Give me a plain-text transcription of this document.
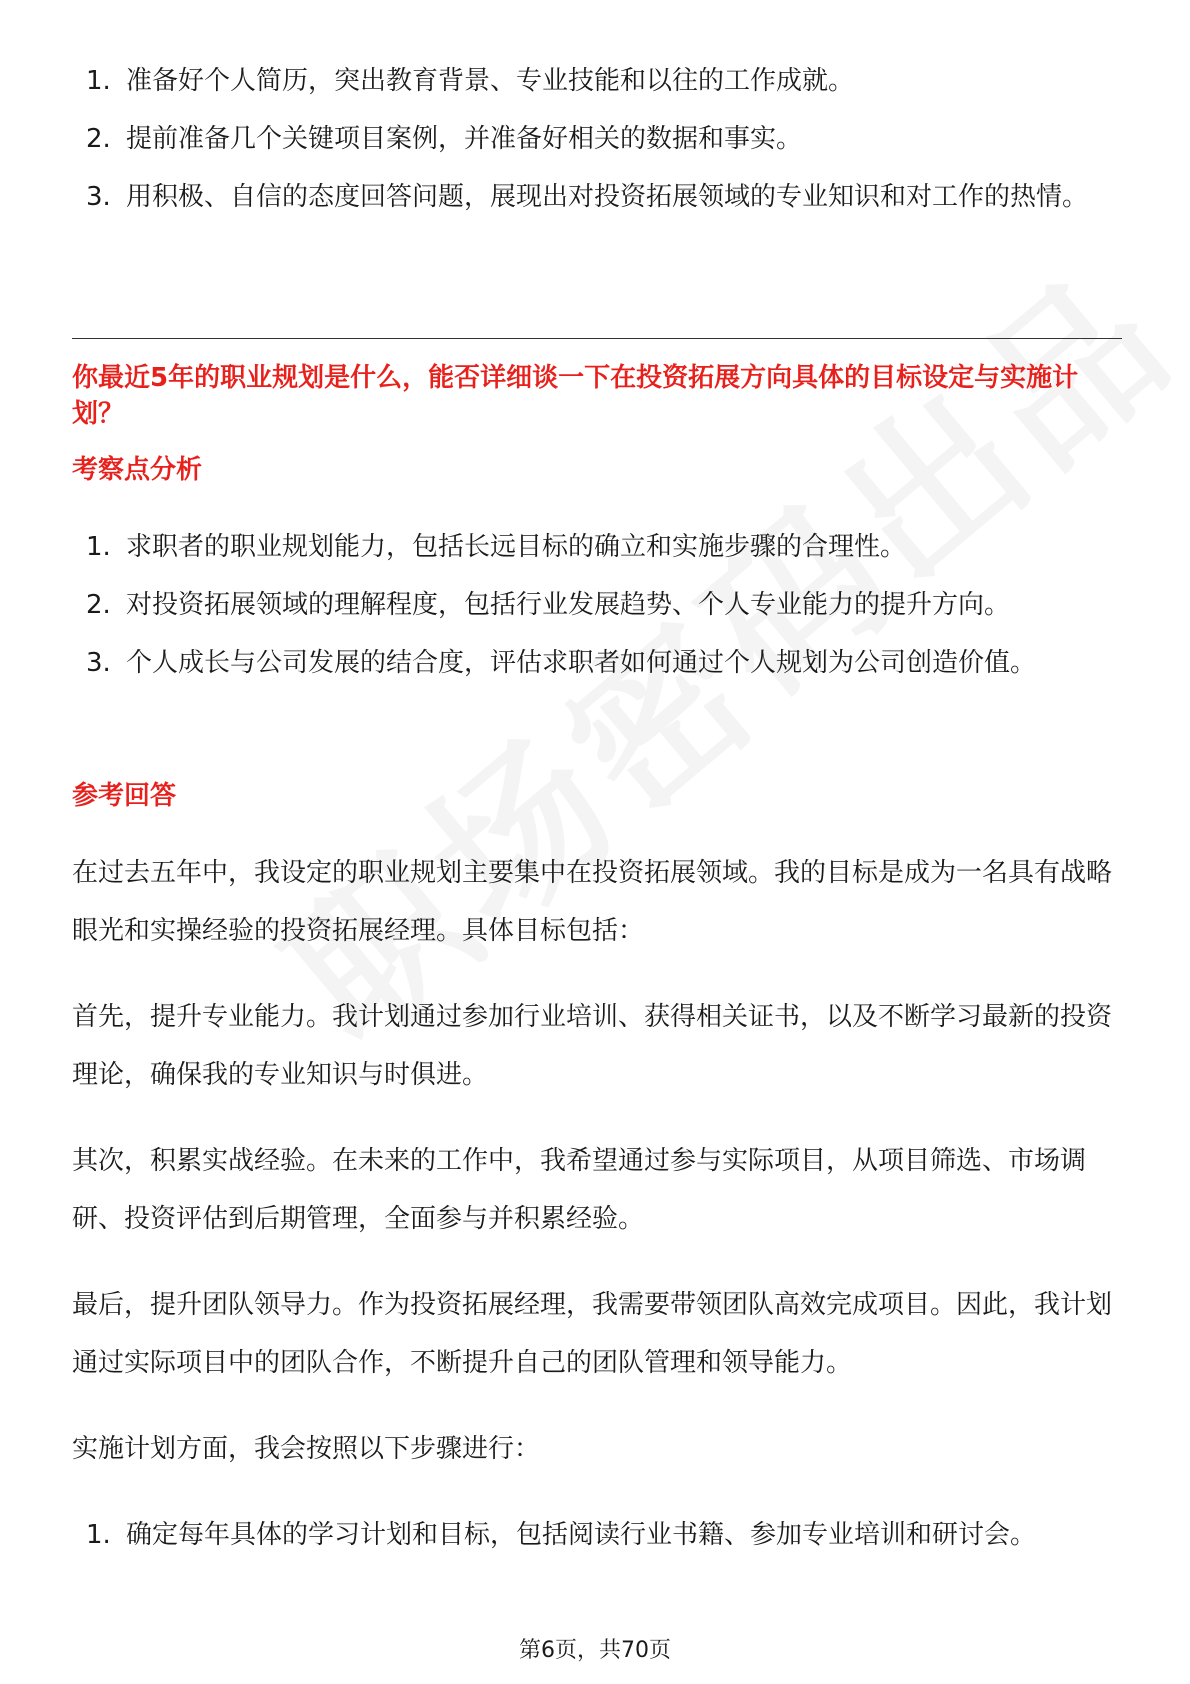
1. 准备好个人简历，突出教育背景、专业技能和以往的工作成就。
2. 提前准备几个关键项目案例，并准备好相关的数据和事实。
3. 用积极、自信的态度回答问题，展现出对投资拓展领域的专业知识和对工作的热情。
你最近5年的职业规划是什么，能否详细谈一下在投资拓展方向具体的目标设定与实施计划？
考察点分析
1. 求职者的职业规划能力，包括长远目标的确立和实施步骤的合理性。
2. 对投资拓展领域的理解程度，包括行业发展趋势、个人专业能力的提升方向。
3. 个人成长与公司发展的结合度，评估求职者如何通过个人规划为公司创造价值。
参考回答
在过去五年中，我设定的职业规划主要集中在投资拓展领域。我的目标是成为一名具有战略眼光和实操经验的投资拓展经理。具体目标包括：
首先，提升专业能力。我计划通过参加行业培训、获得相关证书，以及不断学习最新的投资理论，确保我的专业知识与时俱进。
其次，积累实战经验。在未来的工作中，我希望通过参与实际项目，从项目筛选、市场调研、投资评估到后期管理，全面参与并积累经验。
最后，提升团队领导力。作为投资拓展经理，我需要带领团队高效完成项目。因此，我计划通过实际项目中的团队合作，不断提升自己的团队管理和领导能力。
实施计划方面，我会按照以下步骤进行：
1. 确定每年具体的学习计划和目标，包括阅读行业书籍、参加专业培训和研讨会。
第6页，共70页
